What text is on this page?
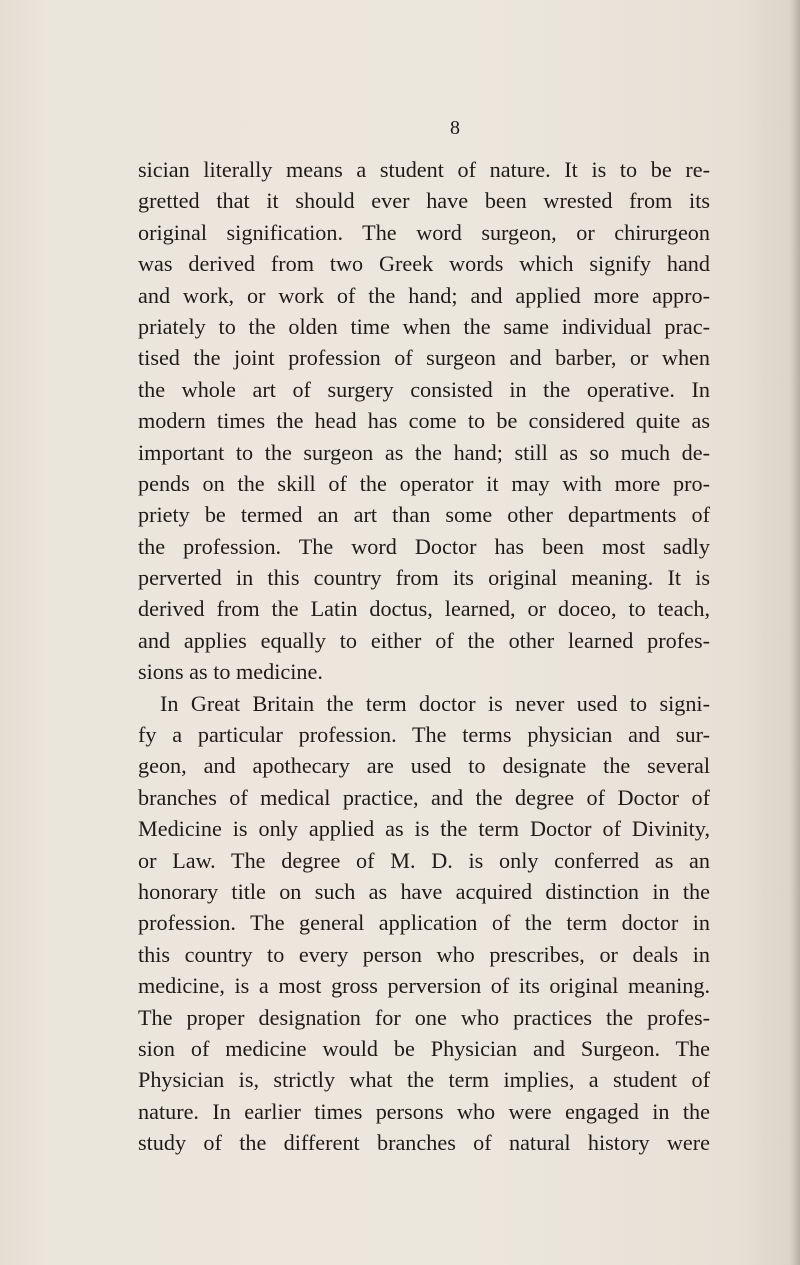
8
sician literally means a student of nature. It is to be re-
gretted that it should ever have been wrested from its
original signification. The word surgeon, or chirurgeon
was derived from two Greek words which signify hand
and work, or work of the hand; and applied more appro-
priately to the olden time when the same individual prac-
tised the joint profession of surgeon and barber, or when
the whole art of surgery consisted in the operative. In
modern times the head has come to be considered quite as
important to the surgeon as the hand; still as so much de-
pends on the skill of the operator it may with more pro-
priety be termed an art than some other departments of
the profession. The word Doctor has been most sadly
perverted in this country from its original meaning. It is
derived from the Latin doctus, learned, or doceo, to teach,
and applies equally to either of the other learned profes-
sions as to medicine.
In Great Britain the term doctor is never used to signi-
fy a particular profession. The terms physician and sur-
geon, and apothecary are used to designate the several
branches of medical practice, and the degree of Doctor of
Medicine is only applied as is the term Doctor of Divinity,
or Law. The degree of M. D. is only conferred as an
honorary title on such as have acquired distinction in the
profession. The general application of the term doctor in
this country to every person who prescribes, or deals in
medicine, is a most gross perversion of its original meaning.
The proper designation for one who practices the profes-
sion of medicine would be Physician and Surgeon. The
Physician is, strictly what the term implies, a student of
nature. In earlier times persons who were engaged in the
study of the different branches of natural history were
